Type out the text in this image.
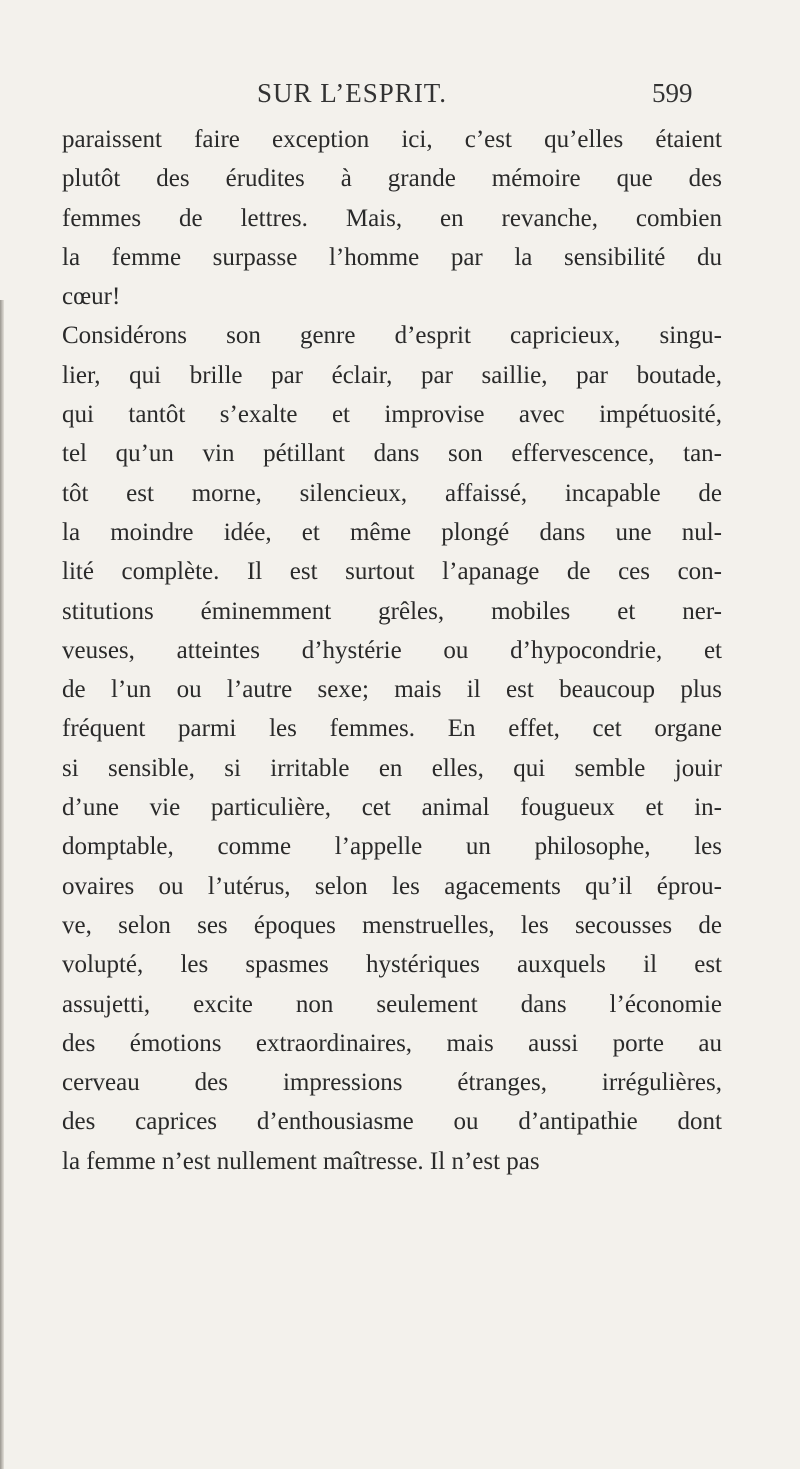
SUR L’ESPRIT.	599
paraissent faire exception ici, c’est qu’elles étaient
plutôt des érudites à grande mémoire que des
femmes de lettres. Mais, en revanche, combien
la femme surpasse l’homme par la sensibilité du
cœur!
Considérons son genre d’esprit capricieux, singu-
lier, qui brille par éclair, par saillie, par boutade,
qui tantôt s’exalte et improvise avec impétuosité,
tel qu’un vin pétillant dans son effervescence, tan-
tôt est morne, silencieux, affaissé, incapable de
la moindre idée, et même plongé dans une nul-
lité complète. Il est surtout l’apanage de ces con-
stitutions éminemment grêles, mobiles et ner-
veuses, atteintes d’hystérie ou d’hypocondrie, et
de l’un ou l’autre sexe; mais il est beaucoup plus
fréquent parmi les femmes. En effet, cet organe
si sensible, si irritable en elles, qui semble jouir
d’une vie particulière, cet animal fougueux et in-
domptable, comme l’appelle un philosophe, les
ovaires ou l’utérus, selon les agacements qu’il éprou-
ve, selon ses époques menstruelles, les secousses de
volupté, les spasmes hystériques auxquels il est
assujetti, excite non seulement dans l’économie
des émotions extraordinaires, mais aussi porte au
cerveau des impressions étranges, irrégulières,
des caprices d’enthousiasme ou d’antipathie dont
la femme n’est nullement maîtresse. Il n’est pas
